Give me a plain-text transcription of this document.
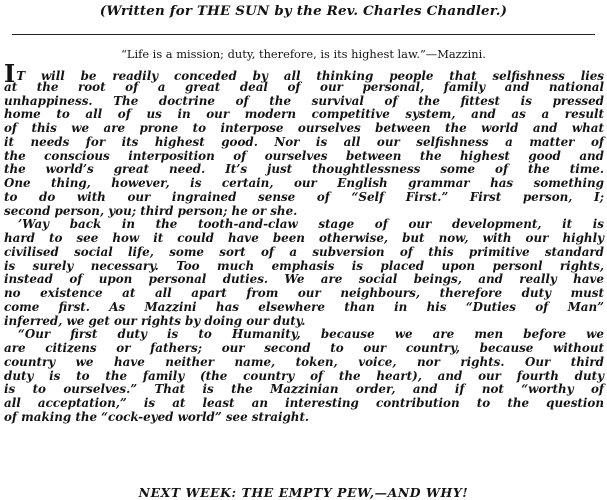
(Written for THE SUN by the Rev. Charles Chandler.)
“Life is a mission; duty, therefore, is its highest law.”—Mazzini.
IT will be readily conceded by all thinking people that selfishness lies
at the root of a great deal of our personal, family and national
unhappiness. The doctrine of the survival of the fittest is pressed
home to all of us in our modern competitive system, and as a result
of this we are prone to interpose ourselves between the world and what
it needs for its highest good. Nor is all our selfishness a matter of
the conscious interposition of ourselves between the highest good and
the world’s great need. It’s just thoughtlessness some of the time.
One thing, however, is certain, our English grammar has something
to do with our ingrained sense of “Self First.” First person, I;
second person, you; third person; he or she.
’Way back in the tooth-and-claw stage of our development, it is
hard to see how it could have been otherwise, but now, with our highly
civilised social life, some sort of a subversion of this primitive standard
is surely necessary. Too much emphasis is placed upon personl rights,
instead of upon personal duties. We are social beings, and really have
no existence at all apart from our neighbours, therefore duty must
come first. As Mazzini has elsewhere than in his “Duties of Man”
inferred, we get our rights by doing our duty.
“Our first duty is to Humanity, because we are men before we
are citizens or fathers; our second to our country, because without
country we have neither name, token, voice, nor rights. Our third
duty is to the family (the country of the heart), and our fourth duty
is to ourselves.” That is the Mazzinian order, and if not “worthy of
all acceptation,” is at least an interesting contribution to the question
of making the “cock-eyed world” see straight.
NEXT WEEK: THE EMPTY PEW,—AND WHY!
